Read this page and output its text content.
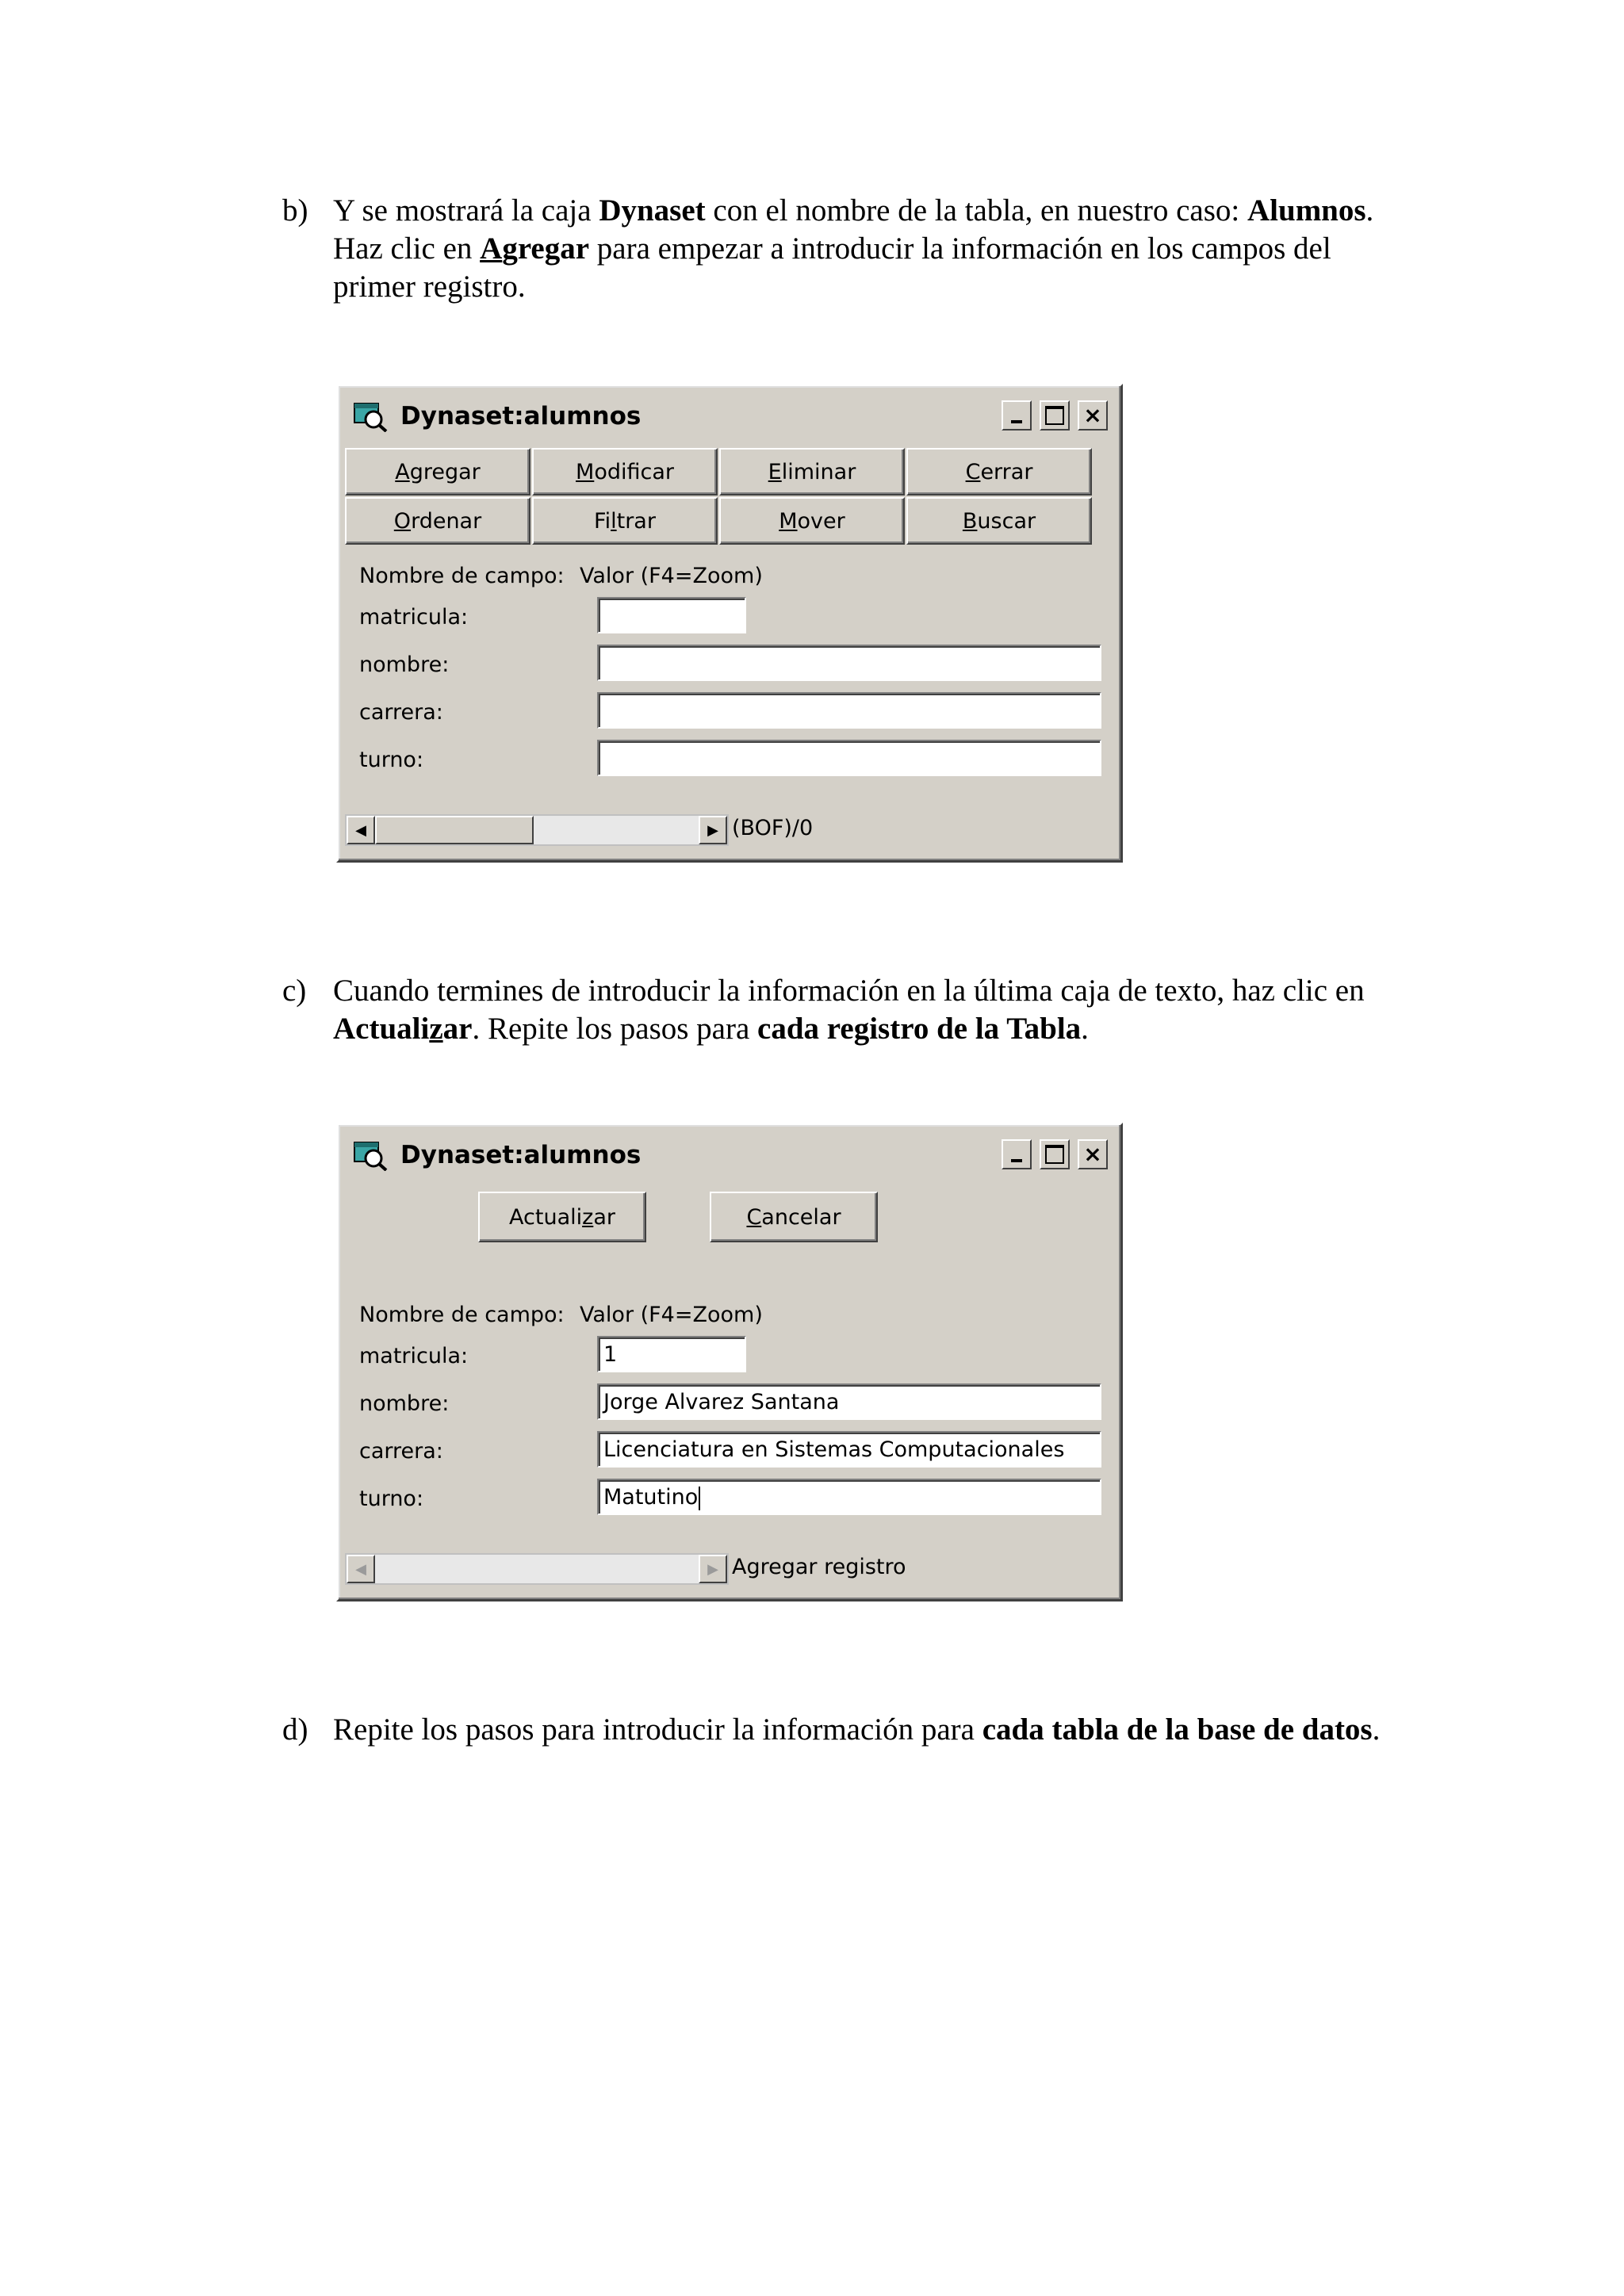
b) Y se mostrará la caja Dynaset con el nombre de la tabla, en nuestro caso: Alumnos. Haz clic en Agregar para empezar a introducir la información en los campos del primer registro.
Dynaset:alumnos	×
A gregar	M odificar	E liminar	C errar
O rdenar	Fi l trar	M over	B uscar
Nombre de campo: Valor (F4=Zoom)
matricula:
nombre:
carrera:
turno:
◀	▶ (BOF)/0
c) Cuando termines de introducir la información en la última caja de texto, haz clic en Actualizar. Repite los pasos para cada registro de la Tabla.
Dynaset:alumnos	×
Actuali z ar	C ancelar
Nombre de campo: Valor (F4=Zoom)
matricula:	1
nombre:	Jorge Alvarez Santana
carrera:	Licenciatura en Sistemas Computacionales
turno:	Matutino
◀	▶ Agregar registro
d) Repite los pasos para introducir la información para cada tabla de la base de datos.
